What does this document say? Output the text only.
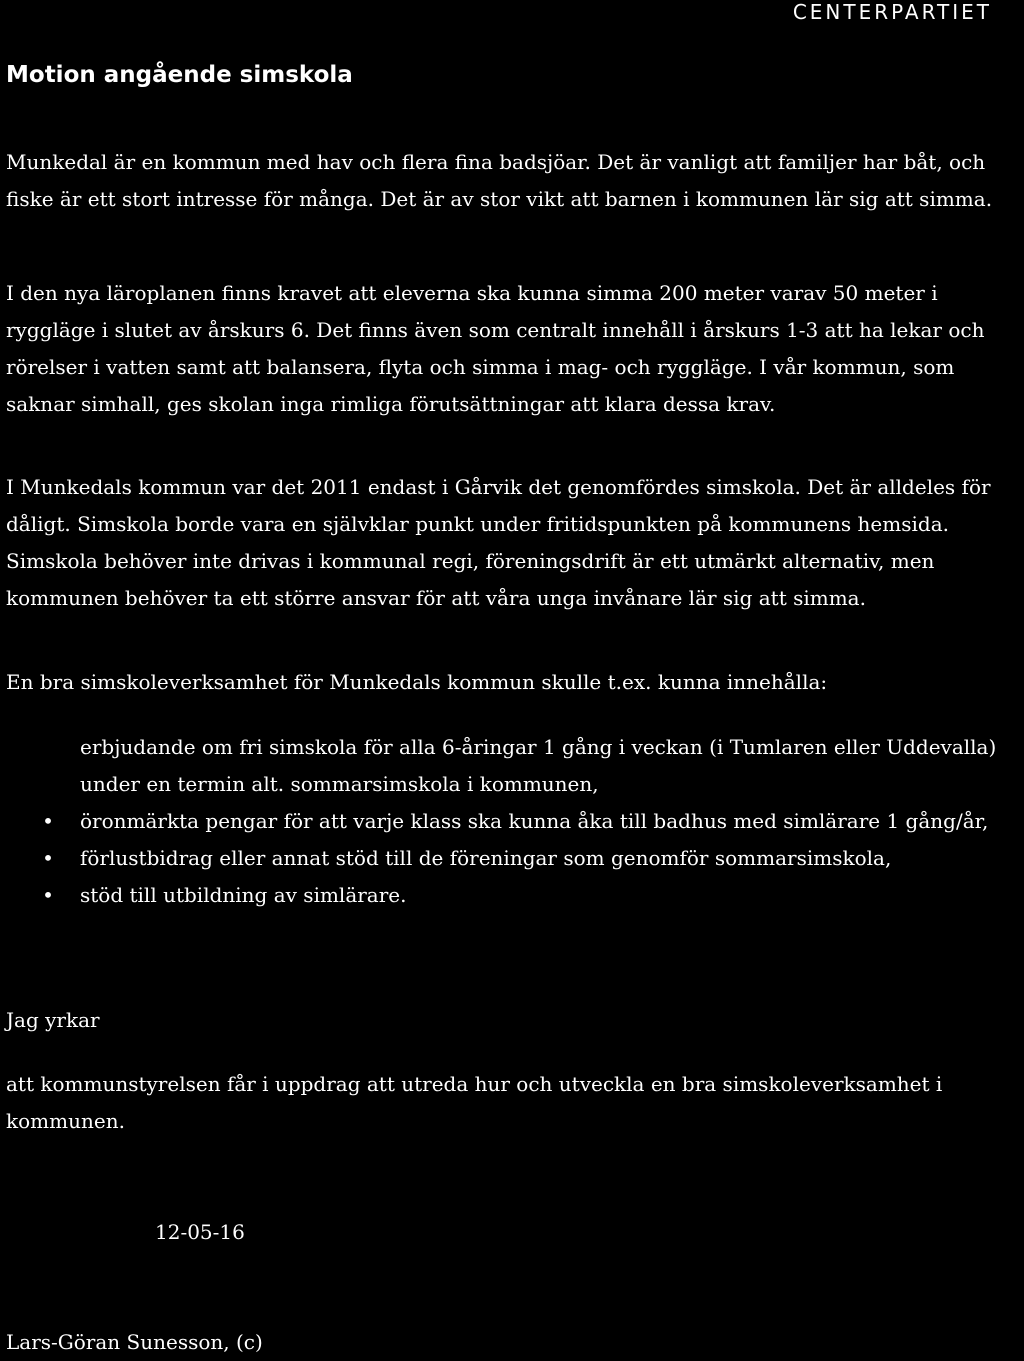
CENTERPARTIET
Motion angående simskola

Munkedal är en kommun med hav och flera fina badsjöar. Det är vanligt att familjer har båt, och fiske är ett stort intresse för många. Det är av stor vikt att barnen i kommunen lär sig att simma.

I den nya läroplanen finns kravet att eleverna ska kunna simma 200 meter varav 50 meter i ryggläge i slutet av årskurs 6. Det finns även som centralt innehåll i årskurs 1-3 att ha lekar och rörelser i vatten samt att balansera, flyta och simma i mag- och ryggläge. I vår kommun, som saknar simhall, ges skolan inga rimliga förutsättningar att klara dessa krav.

I Munkedals kommun var det 2011 endast i Gårvik det genomfördes simskola. Det är alldeles för dåligt. Simskola borde vara en självklar punkt under fritidspunkten på kommunens hemsida. Simskola behöver inte drivas i kommunal regi, föreningsdrift är ett utmärkt alternativ, men kommunen behöver ta ett större ansvar för att våra unga invånare lär sig att simma.

En bra simskoleverksamhet för Munkedals kommun skulle t.ex. kunna innehålla:

erbjudande om fri simskola för alla 6-åringar 1 gång i veckan (i Tumlaren eller Uddevalla) under en termin alt. sommarsimskola i kommunen,
• öronmärkta pengar för att varje klass ska kunna åka till badhus med simlärare 1 gång/år,
• förlustbidrag eller annat stöd till de föreningar som genomför sommarsimskola,
• stöd till utbildning av simlärare.

Jag yrkar

att kommunstyrelsen får i uppdrag att utreda hur och utveckla en bra simskoleverksamhet i kommunen.

12-05-16

Lars-Göran Sunesson, (c)
